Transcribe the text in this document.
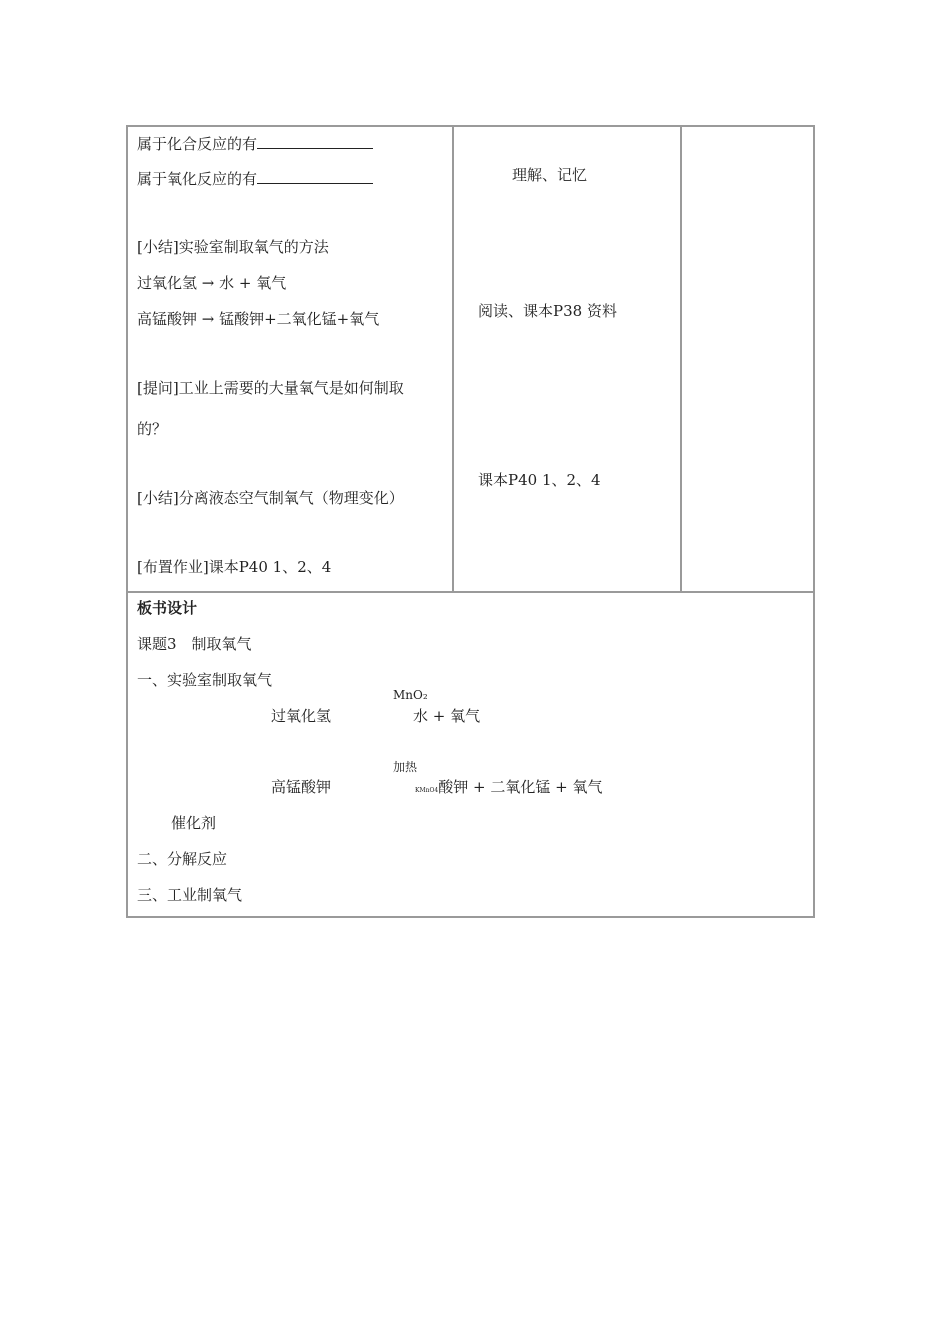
属于化合反应的有
属于氧化反应的有
[小结]实验室制取氧气的方法
过氧化氢 → 水 + 氧气
高锰酸钾 → 锰酸钾+二氧化锰+氧气
[提问]工业上需要的大量氧气是如何制取
的？
[小结]分离液态空气制氧气（物理变化）
[布置作业]课本P40 1、2、4
理解、记忆
阅读、课本P38 资料
课本P40 1、2、4
板书设计
课题3　制取氧气
一、实验室制取氧气
MnO₂
过氧化氢	水 + 氧气
加热
高锰酸钾	KMnO4酸钾 + 二氧化锰 + 氧气
催化剂
二、分解反应
三、工业制氧气
